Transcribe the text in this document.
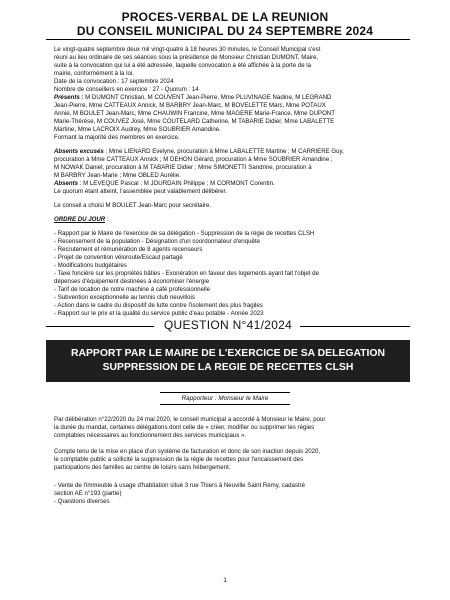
PROCES-VERBAL DE LA REUNION
DU CONSEIL MUNICIPAL DU 24 SEPTEMBRE 2024
Le vingt-quatre septembre deux mil vingt-quatre à 18 heures 30 minutes, le Conseil Municipal s'est
réuni au lieu ordinaire de ses séances sous la présidence de Monsieur Christian DUMONT, Maire,
suite à la convocation qui lui a été adressée, laquelle convocation a été affichée à la porte de la
mairie, conformément à la loi.
Date de la convocation : 17 septembre 2024
Nombre de conseillers en exercice : 27 - Quorum : 14
Présents : M DUMONT Christian, M COUVENT Jean-Pierre, Mme PLUVINAGE Nadine, M LEGRAND
Jean-Pierre, Mme CATTEAUX Annick, M BARBRY Jean-Marc, M BOVELETTE Marc, Mme POTAUX
Annie, M BOULET Jean-Marc, Mme CHAUWIN Francine, Mme MAGERE Marie-France, Mme DUPONT
Marie-Thérèse, M COUVEZ José, Mme COUTELARD Catherine, M TABARIE Didier, Mme LABALETTE
Martine, Mme LACROIX Audrey, Mme SOUBRIER Amandine.
Formant la majorité des membres en exercice.
Absents excusés : Mme LIENARD Evelyne, procuration à Mme LABALETTE Martine ; M CARRIERE Guy,
procuration à Mme CATTEAUX Annick ; M DEHON Gérard, procuration à Mme SOUBRIER Amandine ;
M NOWAK Daniel, procuration à M TABARIE Didier ; Mme SIMONETTI Sandrine, procuration à
M BARBRY Jean-Marie ; Mme OBLED Aurélie.
Absents : M LEVEQUE Pascal ; M JOURDAIN Philippe ; M CORMONT Corentin.
Le quorum étant atteint, l'assemblée peut valablement délibérer.
Le conseil a choisi M BOULET Jean-Marc pour secrétaire.
ORDRE DU JOUR :
- Rapport par le Maire de l'exercice de sa délégation - Suppression de la régie de recettes CLSH
- Recensement de la population - Désignation d'un coordonnateur d'enquête
- Recrutement et rémunération de 8 agents recenseurs
- Projet de convention véloroute/Escaut partagé
- Modifications budgétaires
- Taxe foncière sur les propriétés bâties - Exonération en faveur des logements ayant fait l'objet de
dépenses d'équipement destinées à économiser l'énergie
- Tarif de location de notre machine à café professionnelle
- Subvention exceptionnelle au tennis club neuvillois
- Action dans le cadre du dispositif de lutte contre l'isolement des plus fragiles
- Rapport sur le prix et la qualité du service public d'eau potable - Année 2023
QUESTION N°41/2024
RAPPORT PAR LE MAIRE DE L'EXERCICE DE SA DELEGATION
SUPPRESSION DE LA REGIE DE RECETTES CLSH
Rapporteur : Monsieur le Maire
Par délibération n°22/2020 du 24 mai 2020, le conseil municipal a accordé à Monsieur le Maire, pour
la durée du mandat, certaines délégations dont celle de « créer, modifier ou supprimer les régies
comptables nécessaires au fonctionnement des services municipaux ».
Compte tenu de la mise en place d'un système de facturation et donc de son inaction depuis 2020,
le comptable public a sollicité la suppression de la régie de recettes pour l'encaissement des
participations des familles au centre de loisirs sans hébergement.
1
- Vente de l'immeuble à usage d'habitation situé 3 rue Thiers à Neuville Saint Rémy, cadastré
section AE n°193 (partie)
- Questions diverses
